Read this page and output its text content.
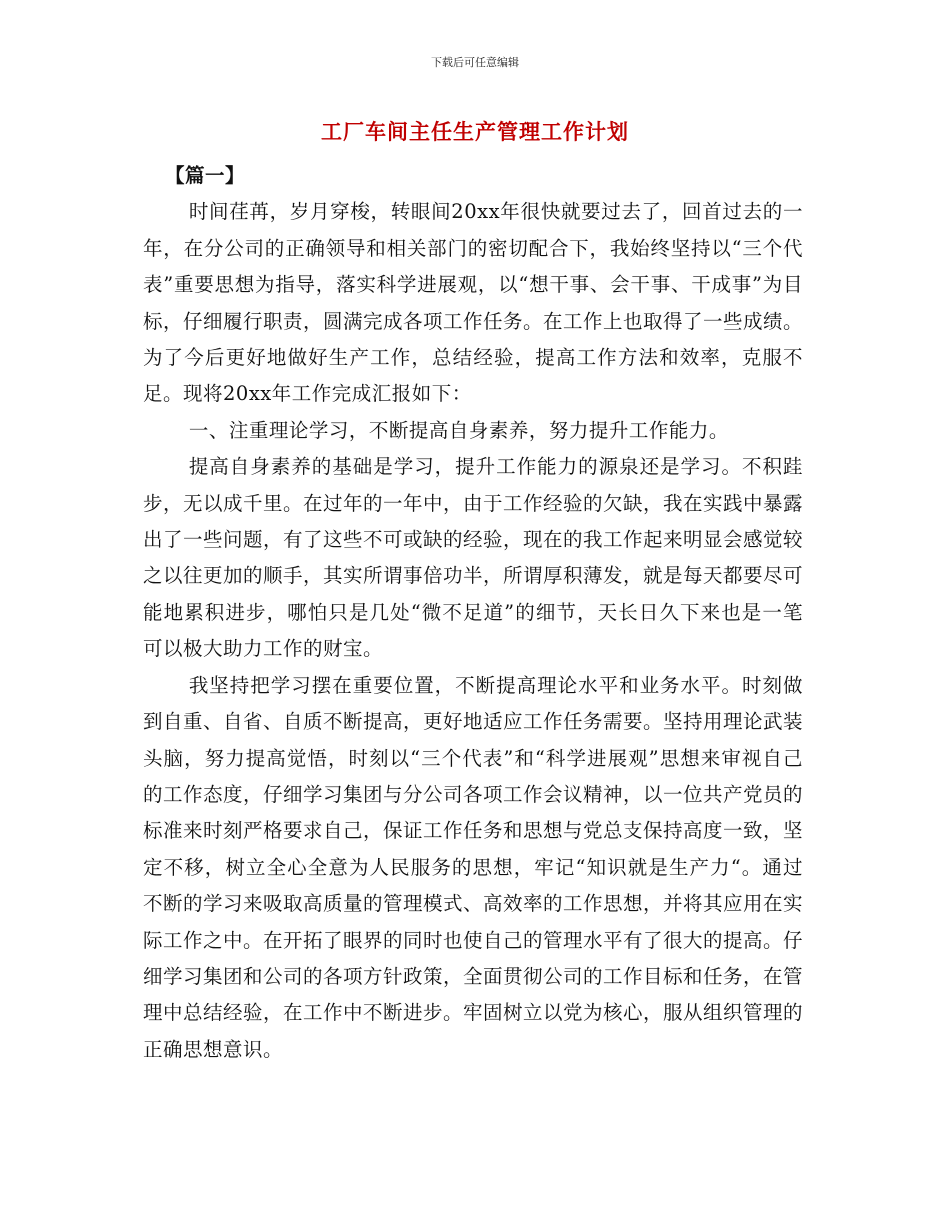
下载后可任意编辑
工厂车间主任生产管理工作计划

【篇一】

时间荏苒，岁月穿梭，转眼间20xx年很快就要过去了，回首过去的一年，在分公司的正确领导和相关部门的密切配合下，我始终坚持以“三个代表”重要思想为指导，落实科学进展观，以“想干事、会干事、干成事”为目标，仔细履行职责，圆满完成各项工作任务。在工作上也取得了一些成绩。为了今后更好地做好生产工作，总结经验，提高工作方法和效率，克服不足。现将20xx年工作完成汇报如下：

一、注重理论学习，不断提高自身素养，努力提升工作能力。

提高自身素养的基础是学习，提升工作能力的源泉还是学习。不积跬步，无以成千里。在过年的一年中，由于工作经验的欠缺，我在实践中暴露出了一些问题，有了这些不可或缺的经验，现在的我工作起来明显会感觉较之以往更加的顺手，其实所谓事倍功半，所谓厚积薄发，就是每天都要尽可能地累积进步，哪怕只是几处“微不足道”的细节，天长日久下来也是一笔可以极大助力工作的财宝。

我坚持把学习摆在重要位置，不断提高理论水平和业务水平。时刻做到自重、自省、自质不断提高，更好地适应工作任务需要。坚持用理论武装头脑，努力提高觉悟，时刻以“三个代表”和“科学进展观”思想来审视自己的工作态度，仔细学习集团与分公司各项工作会议精神，以一位共产党员的标准来时刻严格要求自己，保证工作任务和思想与党总支保持高度一致，坚定不移，树立全心全意为人民服务的思想，牢记“知识就是生产力“。通过不断的学习来吸取高质量的管理模式、高效率的工作思想，并将其应用在实际工作之中。在开拓了眼界的同时也使自己的管理水平有了很大的提高。仔细学习集团和公司的各项方针政策，全面贯彻公司的工作目标和任务，在管理中总结经验，在工作中不断进步。牢固树立以党为核心，服从组织管理的正确思想意识。
